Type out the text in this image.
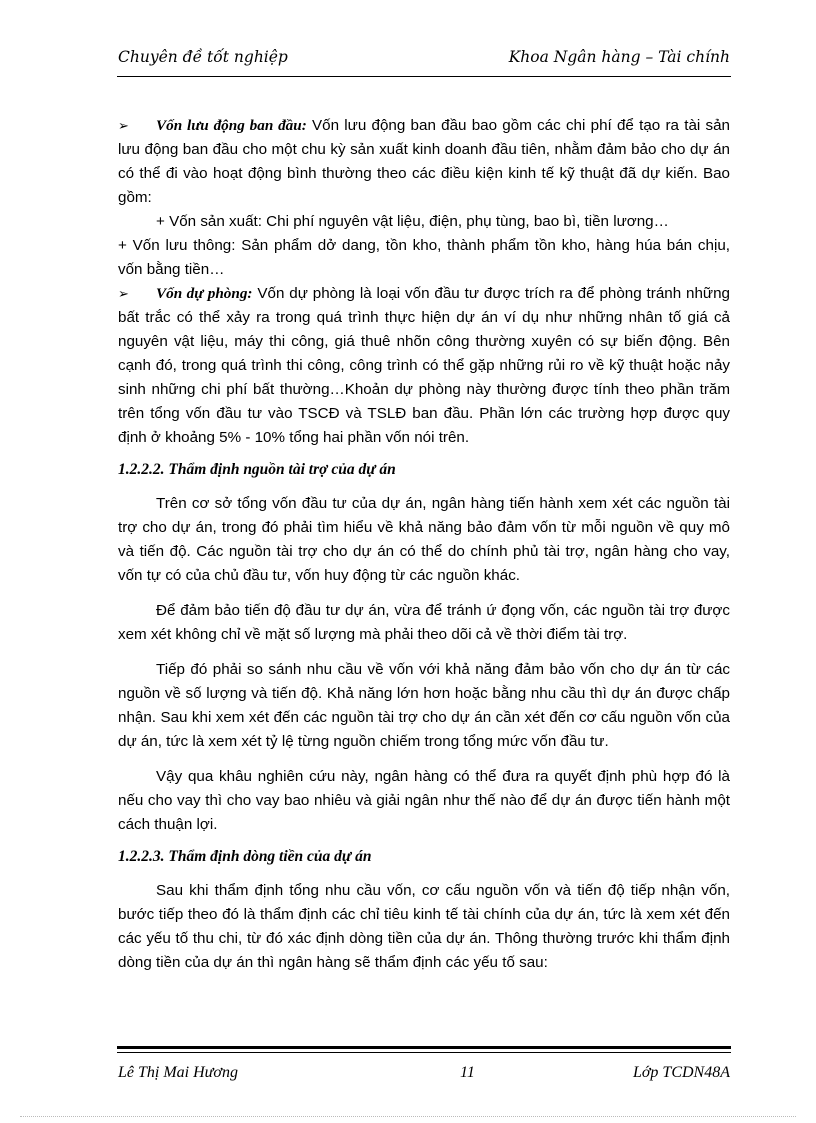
Chuyên đề tốt nghiệp	Khoa Ngân hàng – Tài chính

➢ Vốn lưu động ban đầu: Vốn lưu động ban đầu bao gồm các chi phí để tạo ra tài sản lưu động ban đầu cho một chu kỳ sản xuất kinh doanh đầu tiên, nhằm đảm bảo cho dự án có thể đi vào hoạt động bình thường theo các điều kiện kinh tế kỹ thuật đã dự kiến. Bao gồm:

+ Vốn sản xuất: Chi phí nguyên vật liệu, điện, phụ tùng, bao bì, tiền lương…

+ Vốn lưu thông: Sản phẩm dở dang, tồn kho, thành phẩm tồn kho, hàng húa bán chịu, vốn bằng tiền…

➢ Vốn dự phòng: Vốn dự phòng là loại vốn đầu tư được trích ra để phòng tránh những bất trắc có thể xảy ra trong quá trình thực hiện dự án ví dụ như những nhân tố giá cả nguyên vật liệu, máy thi công, giá thuê nhõn công thường xuyên có sự biến động. Bên cạnh đó, trong quá trình thi công, công trình có thể gặp những rủi ro về kỹ thuật hoặc nảy sinh những chi phí bất thường…Khoản dự phòng này thường được tính theo phần trăm trên tổng vốn đầu tư vào TSCĐ và TSLĐ ban đầu. Phần lớn các trường hợp được quy định ở khoảng 5% - 10% tổng hai phần vốn nói trên.

1.2.2.2. Thẩm định nguồn tài trợ của dự án

Trên cơ sở tổng vốn đầu tư của dự án, ngân hàng tiến hành xem xét các nguồn tài trợ cho dự án, trong đó phải tìm hiểu về khả năng bảo đảm vốn từ mỗi nguồn về quy mô và tiến độ. Các nguồn tài trợ cho dự án có thể do chính phủ tài trợ, ngân hàng cho vay, vốn tự có của chủ đầu tư, vốn huy động từ các nguồn khác.

Để đảm bảo tiến độ đầu tư dự án, vừa để tránh ứ đọng vốn, các nguồn tài trợ được xem xét không chỉ về mặt số lượng mà phải theo dõi cả về thời điểm tài trợ.

Tiếp đó phải so sánh nhu cầu về vốn với khả năng đảm bảo vốn cho dự án từ các nguồn về số lượng và tiến độ. Khả năng lớn hơn hoặc bằng nhu cầu thì dự án được chấp nhận. Sau khi xem xét đến các nguồn tài trợ cho dự án cần xét đến cơ cấu nguồn vốn của dự án, tức là xem xét tỷ lệ từng nguồn chiếm trong tổng mức vốn đầu tư.

Vậy qua khâu nghiên cứu này, ngân hàng có thể đưa ra quyết định phù hợp đó là nếu cho vay thì cho vay bao nhiêu và giải ngân như thế nào để dự án được tiến hành một cách thuận lợi.

1.2.2.3. Thẩm định dòng tiền của dự án

Sau khi thẩm định tổng nhu cầu vốn, cơ cấu nguồn vốn và tiến độ tiếp nhận vốn, bước tiếp theo đó là thẩm định các chỉ tiêu kinh tế tài chính của dự án, tức là xem xét đến các yếu tố thu chi, từ đó xác định dòng tiền của dự án. Thông thường trước khi thẩm định dòng tiền của dự án thì ngân hàng sẽ thẩm định các yếu tố sau:

Lê Thị Mai Hương	11	Lớp TCDN48A
